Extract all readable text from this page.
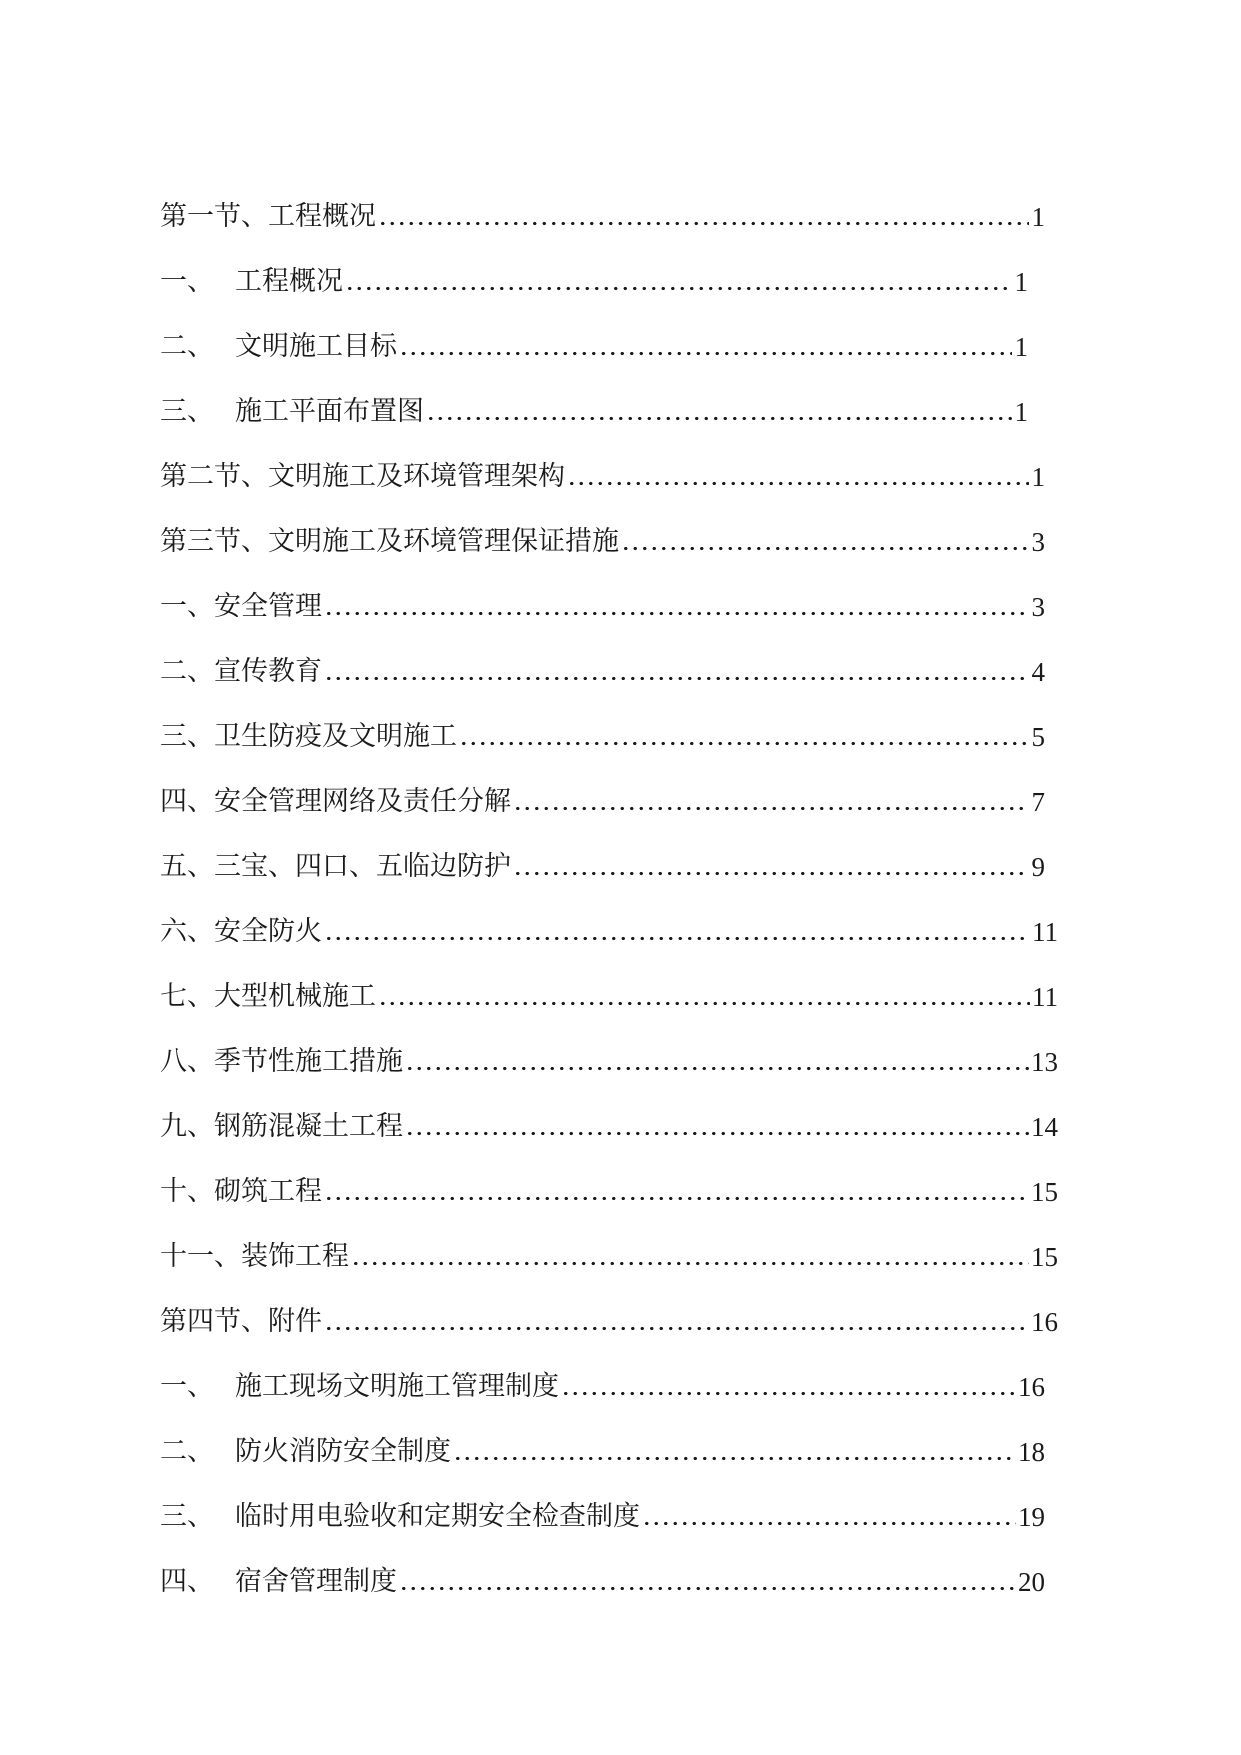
第一节、工程概况	1
一、 工程概况	1
二、 文明施工目标	1
三、 施工平面布置图	1
第二节、文明施工及环境管理架构	1
第三节、文明施工及环境管理保证措施	3
一、安全管理	3
二、宣传教育	4
三、卫生防疫及文明施工	5
四、安全管理网络及责任分解	7
五、三宝、四口、五临边防护	9
六、安全防火	11
七、大型机械施工	11
八、季节性施工措施	13
九、钢筋混凝土工程	14
十、砌筑工程	15
十一、装饰工程	15
第四节、附件	16
一、 施工现场文明施工管理制度	16
二、 防火消防安全制度	18
三、 临时用电验收和定期安全检查制度	19
四、 宿舍管理制度	20
